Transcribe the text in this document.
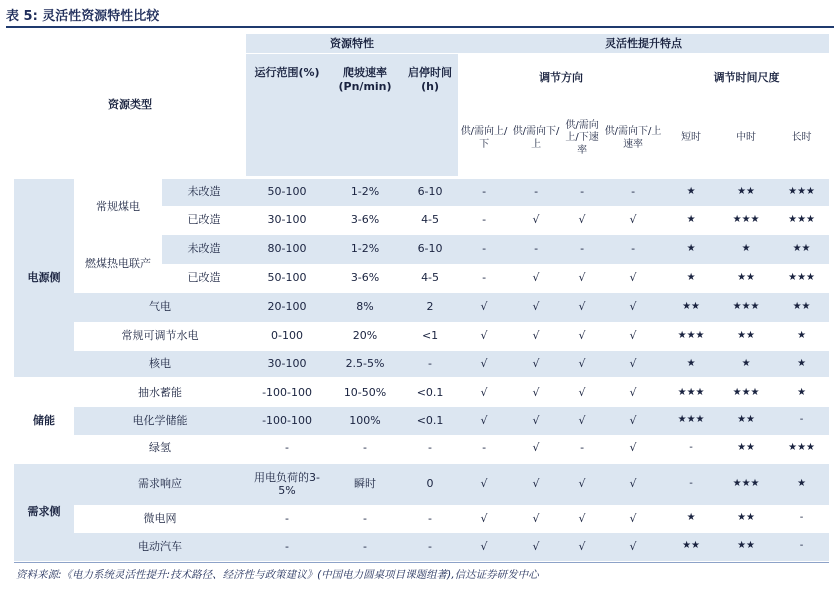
表 5: 灵活性资源特性比较
资源类型			资源特性			灵活性提升特点						
			运行范围(%)	爬坡速率(Pn/min)	启停时间(h)	调节方向				调节时间尺度		
						供/需向上/下	供/需向下/上	供/需向上/下速率	供/需向下/上速率	短时	中时	长时

电源侧	常规煤电	未改造	50-100	1-2%	6-10	-	-	-	-	★	★★	★★★
		已改造	30-100	3-6%	4-5	-	√	√	√	★	★★★	★★★
	燃煤热电联产	未改造	80-100	1-2%	6-10	-	-	-	-	★	★	★★
		已改造	50-100	3-6%	4-5	-	√	√	√	★	★★	★★★
	气电		20-100	8%	2	√	√	√	√	★★	★★★	★★
	常规可调节水电		0-100	20%	<1	√	√	√	√	★★★	★★	★
	核电		30-100	2.5-5%	-	√	√	√	√	★	★	★
储能	抽水蓄能		-100-100	10-50%	<0.1	√	√	√	√	★★★	★★★	★
	电化学储能		-100-100	100%	<0.1	√	√	√	√	★★★	★★	-
	绿氢		-	-	-	-	√	-	√	-	★★	★★★
需求侧	需求响应		用电负荷的3-5%	瞬时	0	√	√	√	√	-	★★★	★
	微电网		-	-	-	√	√	√	√	★	★★	-
	电动汽车		-	-	-	√	√	√	√	★★	★★	-
资料来源:《电力系统灵活性提升:技术路径、经济性与政策建议》(中国电力圆桌项目课题组著),信达证券研发中心
